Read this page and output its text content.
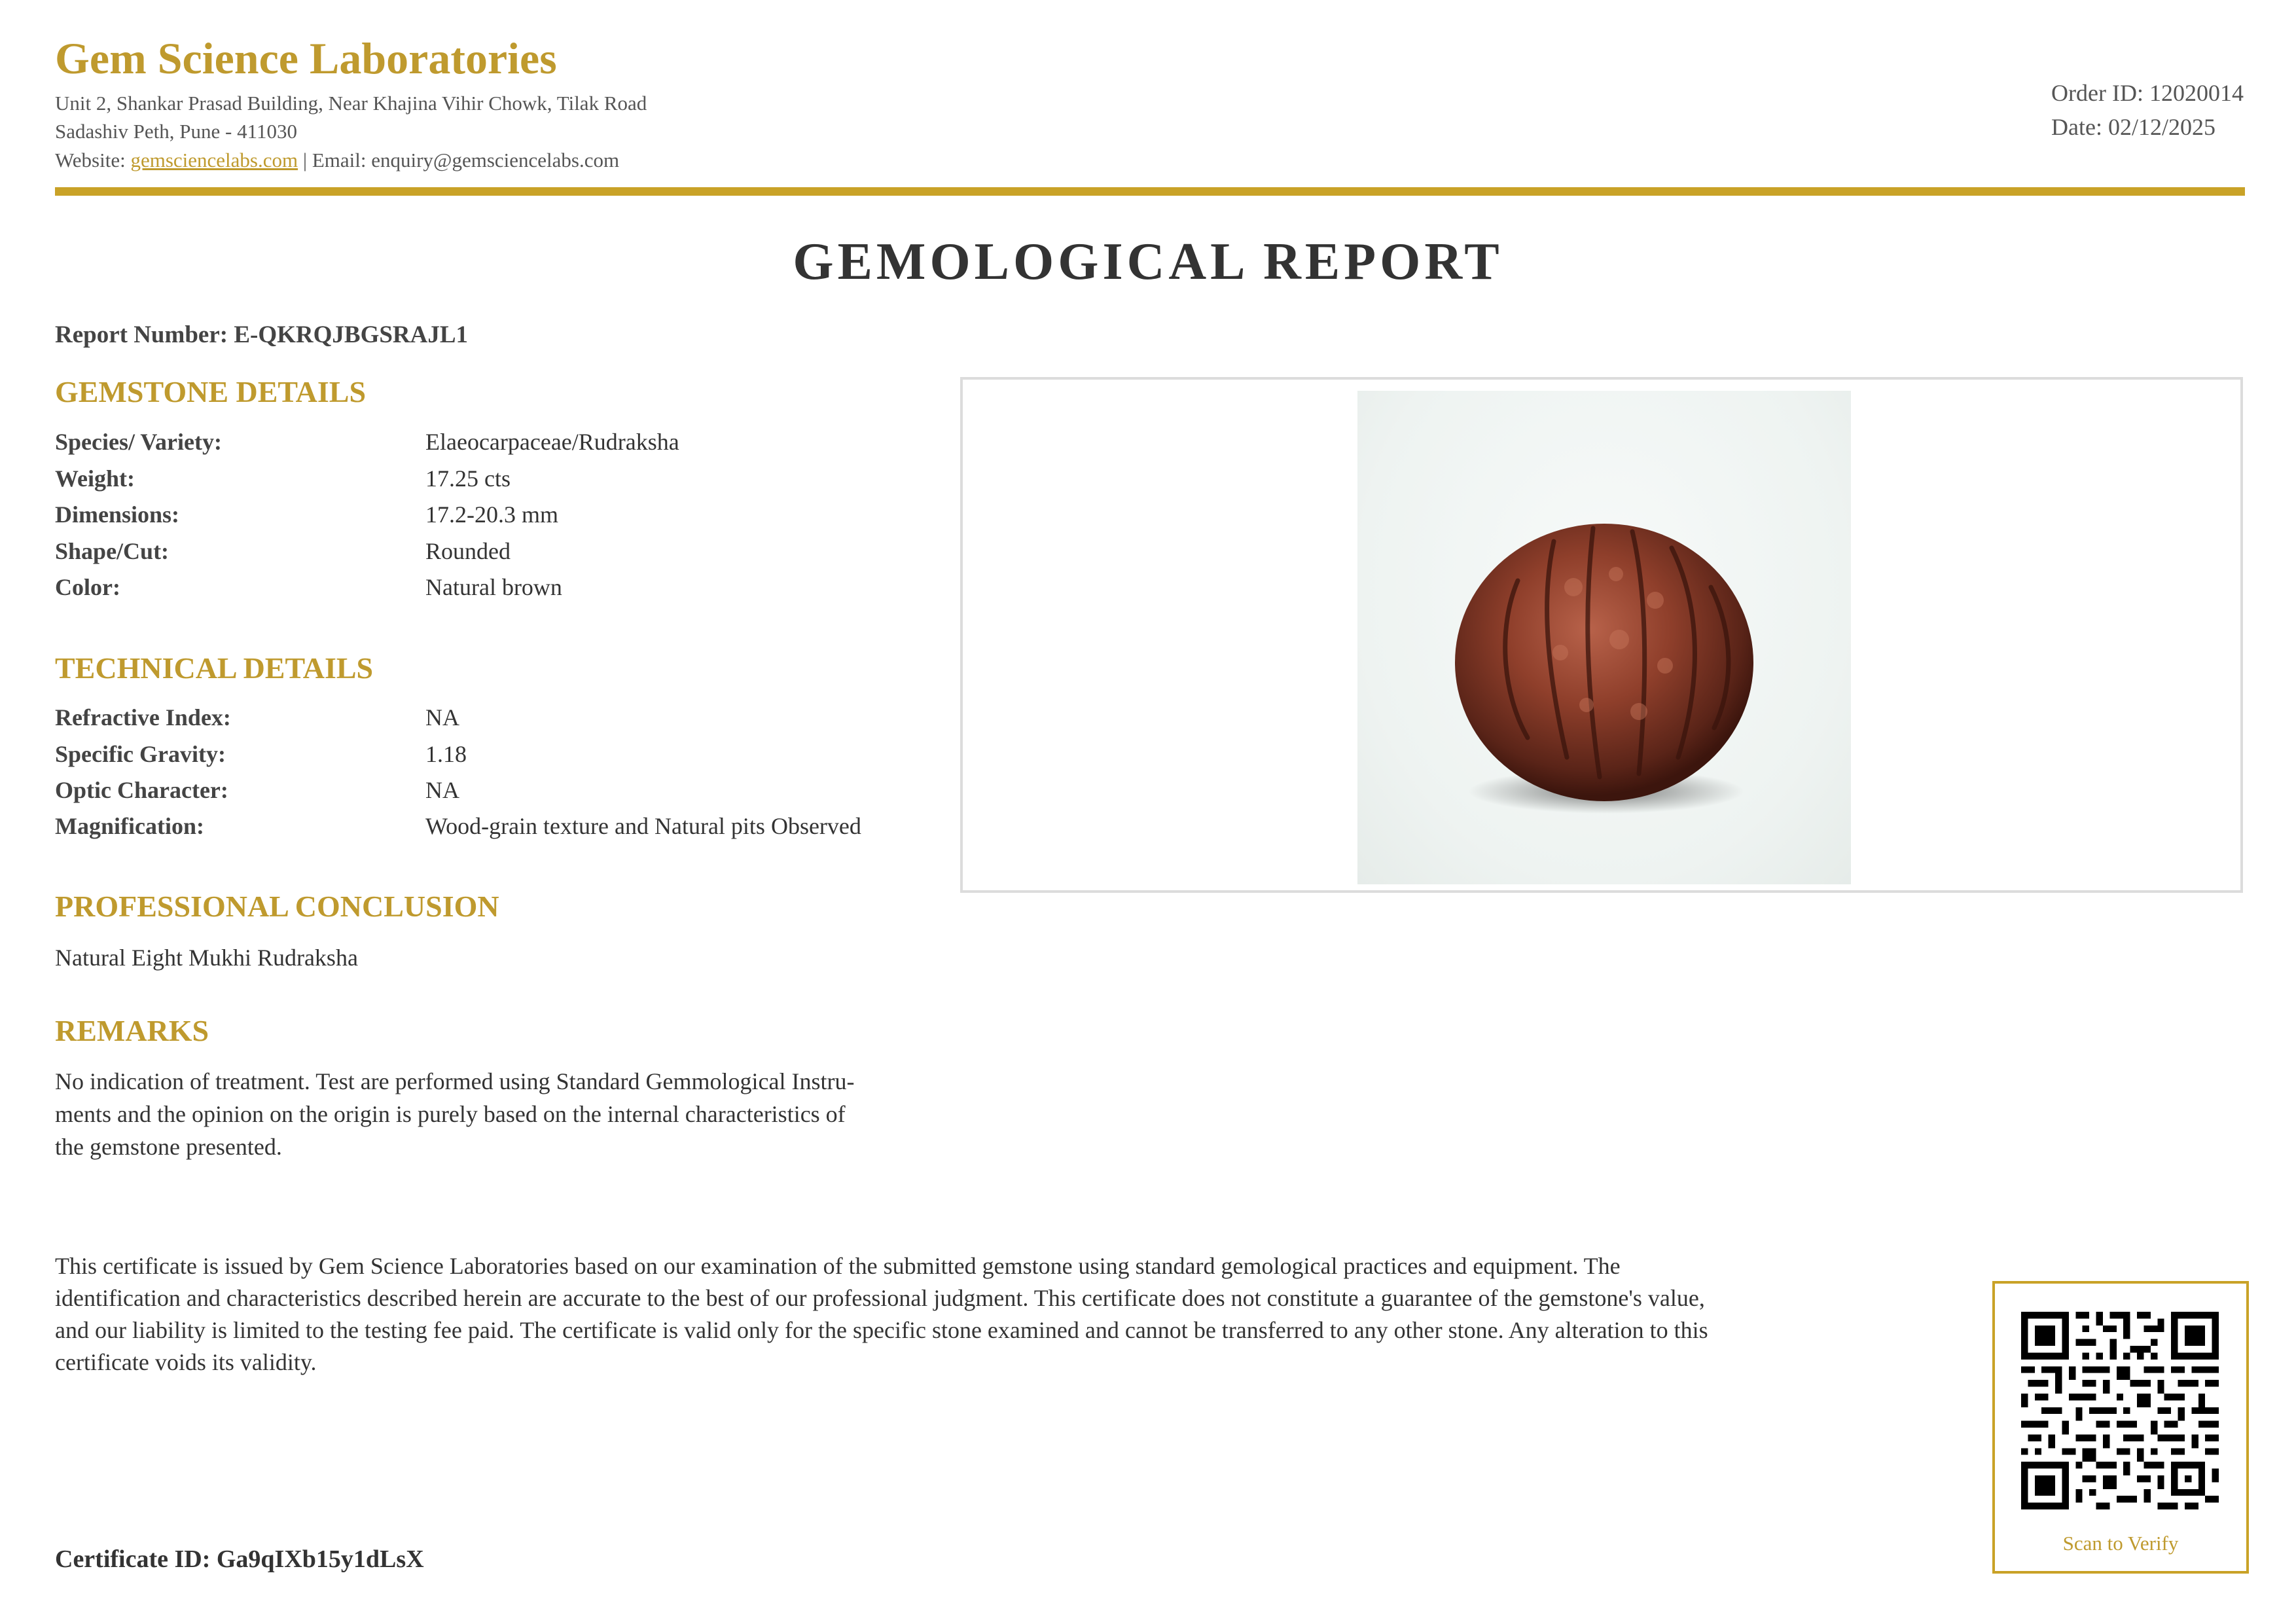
Gem Science Laboratories
Unit 2, Shankar Prasad Building, Near Khajina Vihir Chowk, Tilak Road
Sadashiv Peth, Pune - 411030
Website: gemsciencelabs.com | Email: enquiry@gemsciencelabs.com
Order ID: 12020014
Date: 02/12/2025
GEMOLOGICAL REPORT
Report Number: E-QKRQJBGSRAJL1
GEMSTONE DETAILS
Species/ Variety:	Elaeocarpaceae/Rudraksha
Weight:	17.25 cts
Dimensions:	17.2-20.3 mm
Shape/Cut:	Rounded
Color:	Natural brown
TECHNICAL DETAILS
Refractive Index:	NA
Specific Gravity:	1.18
Optic Character:	NA
Magnification:	Wood-grain texture and Natural pits Observed
PROFESSIONAL CONCLUSION
Natural Eight Mukhi Rudraksha
REMARKS
No indication of treatment. Test are performed using Standard Gemmological Instru-
ments and the opinion on the origin is purely based on the internal characteristics of
the gemstone presented.
This certificate is issued by Gem Science Laboratories based on our examination of the submitted gemstone using standard gemological practices and equipment. The identification and characteristics described herein are accurate to the best of our professional judgment. This certificate does not constitute a guarantee of the gemstone's value, and our liability is limited to the testing fee paid. The certificate is valid only for the specific stone examined and cannot be transferred to any other stone. Any alteration to this certificate voids its validity.
Certificate ID: Ga9qIXb15y1dLsX
Scan to Verify
